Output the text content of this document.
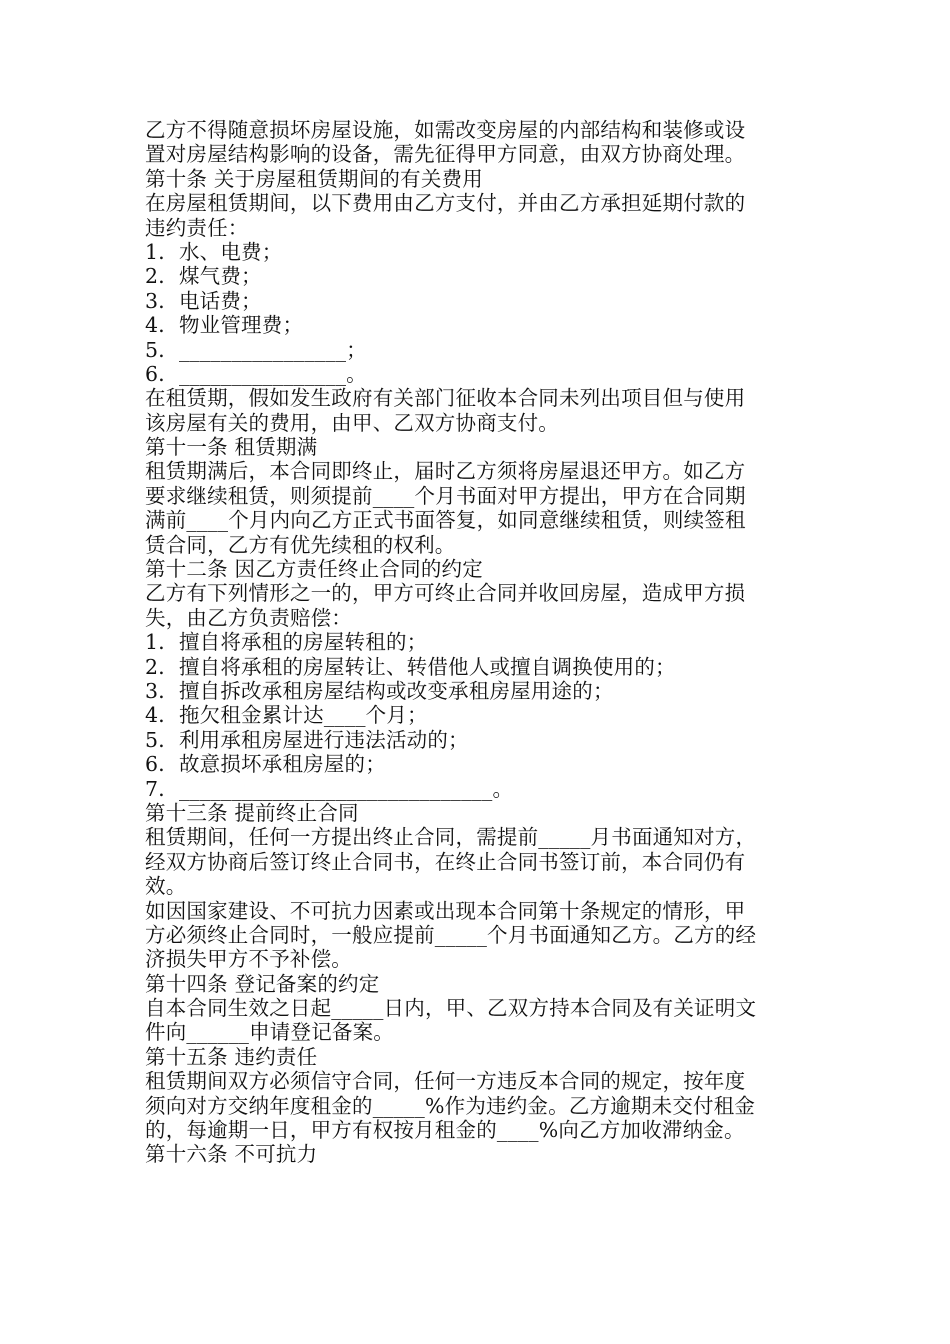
乙方不得随意损坏房屋设施，如需改变房屋的内部结构和装修或设
置对房屋结构影响的设备，需先征得甲方同意，由双方协商处理。
第十条 关于房屋租赁期间的有关费用
在房屋租赁期间，以下费用由乙方支付，并由乙方承担延期付款的
违约责任：
1．水、电费；
2．煤气费；
3．电话费；
4．物业管理费；
5．________________；
6．________________。
在租赁期，假如发生政府有关部门征收本合同未列出项目但与使用
该房屋有关的费用，由甲、乙双方协商支付。
第十一条 租赁期满
租赁期满后，本合同即终止，届时乙方须将房屋退还甲方。如乙方
要求继续租赁，则须提前____个月书面对甲方提出，甲方在合同期
满前____个月内向乙方正式书面答复，如同意继续租赁，则续签租
赁合同，乙方有优先续租的权利。
第十二条 因乙方责任终止合同的约定
乙方有下列情形之一的，甲方可终止合同并收回房屋，造成甲方损
失，由乙方负责赔偿：
1．擅自将承租的房屋转租的；
2．擅自将承租的房屋转让、转借他人或擅自调换使用的；
3．擅自拆改承租房屋结构或改变承租房屋用途的；
4．拖欠租金累计达____个月；
5．利用承租房屋进行违法活动的；
6．故意损坏承租房屋的；
7．______________________________。
第十三条 提前终止合同
租赁期间，任何一方提出终止合同，需提前_____月书面通知对方，
经双方协商后签订终止合同书，在终止合同书签订前，本合同仍有
效。
如因国家建设、不可抗力因素或出现本合同第十条规定的情形，甲
方必须终止合同时，一般应提前_____个月书面通知乙方。乙方的经
济损失甲方不予补偿。
第十四条 登记备案的约定
自本合同生效之日起_____日内，甲、乙双方持本合同及有关证明文
件向______申请登记备案。
第十五条 违约责任
租赁期间双方必须信守合同，任何一方违反本合同的规定，按年度
须向对方交纳年度租金的_____%作为违约金。乙方逾期未交付租金
的，每逾期一日，甲方有权按月租金的____%向乙方加收滞纳金。
第十六条 不可抗力
